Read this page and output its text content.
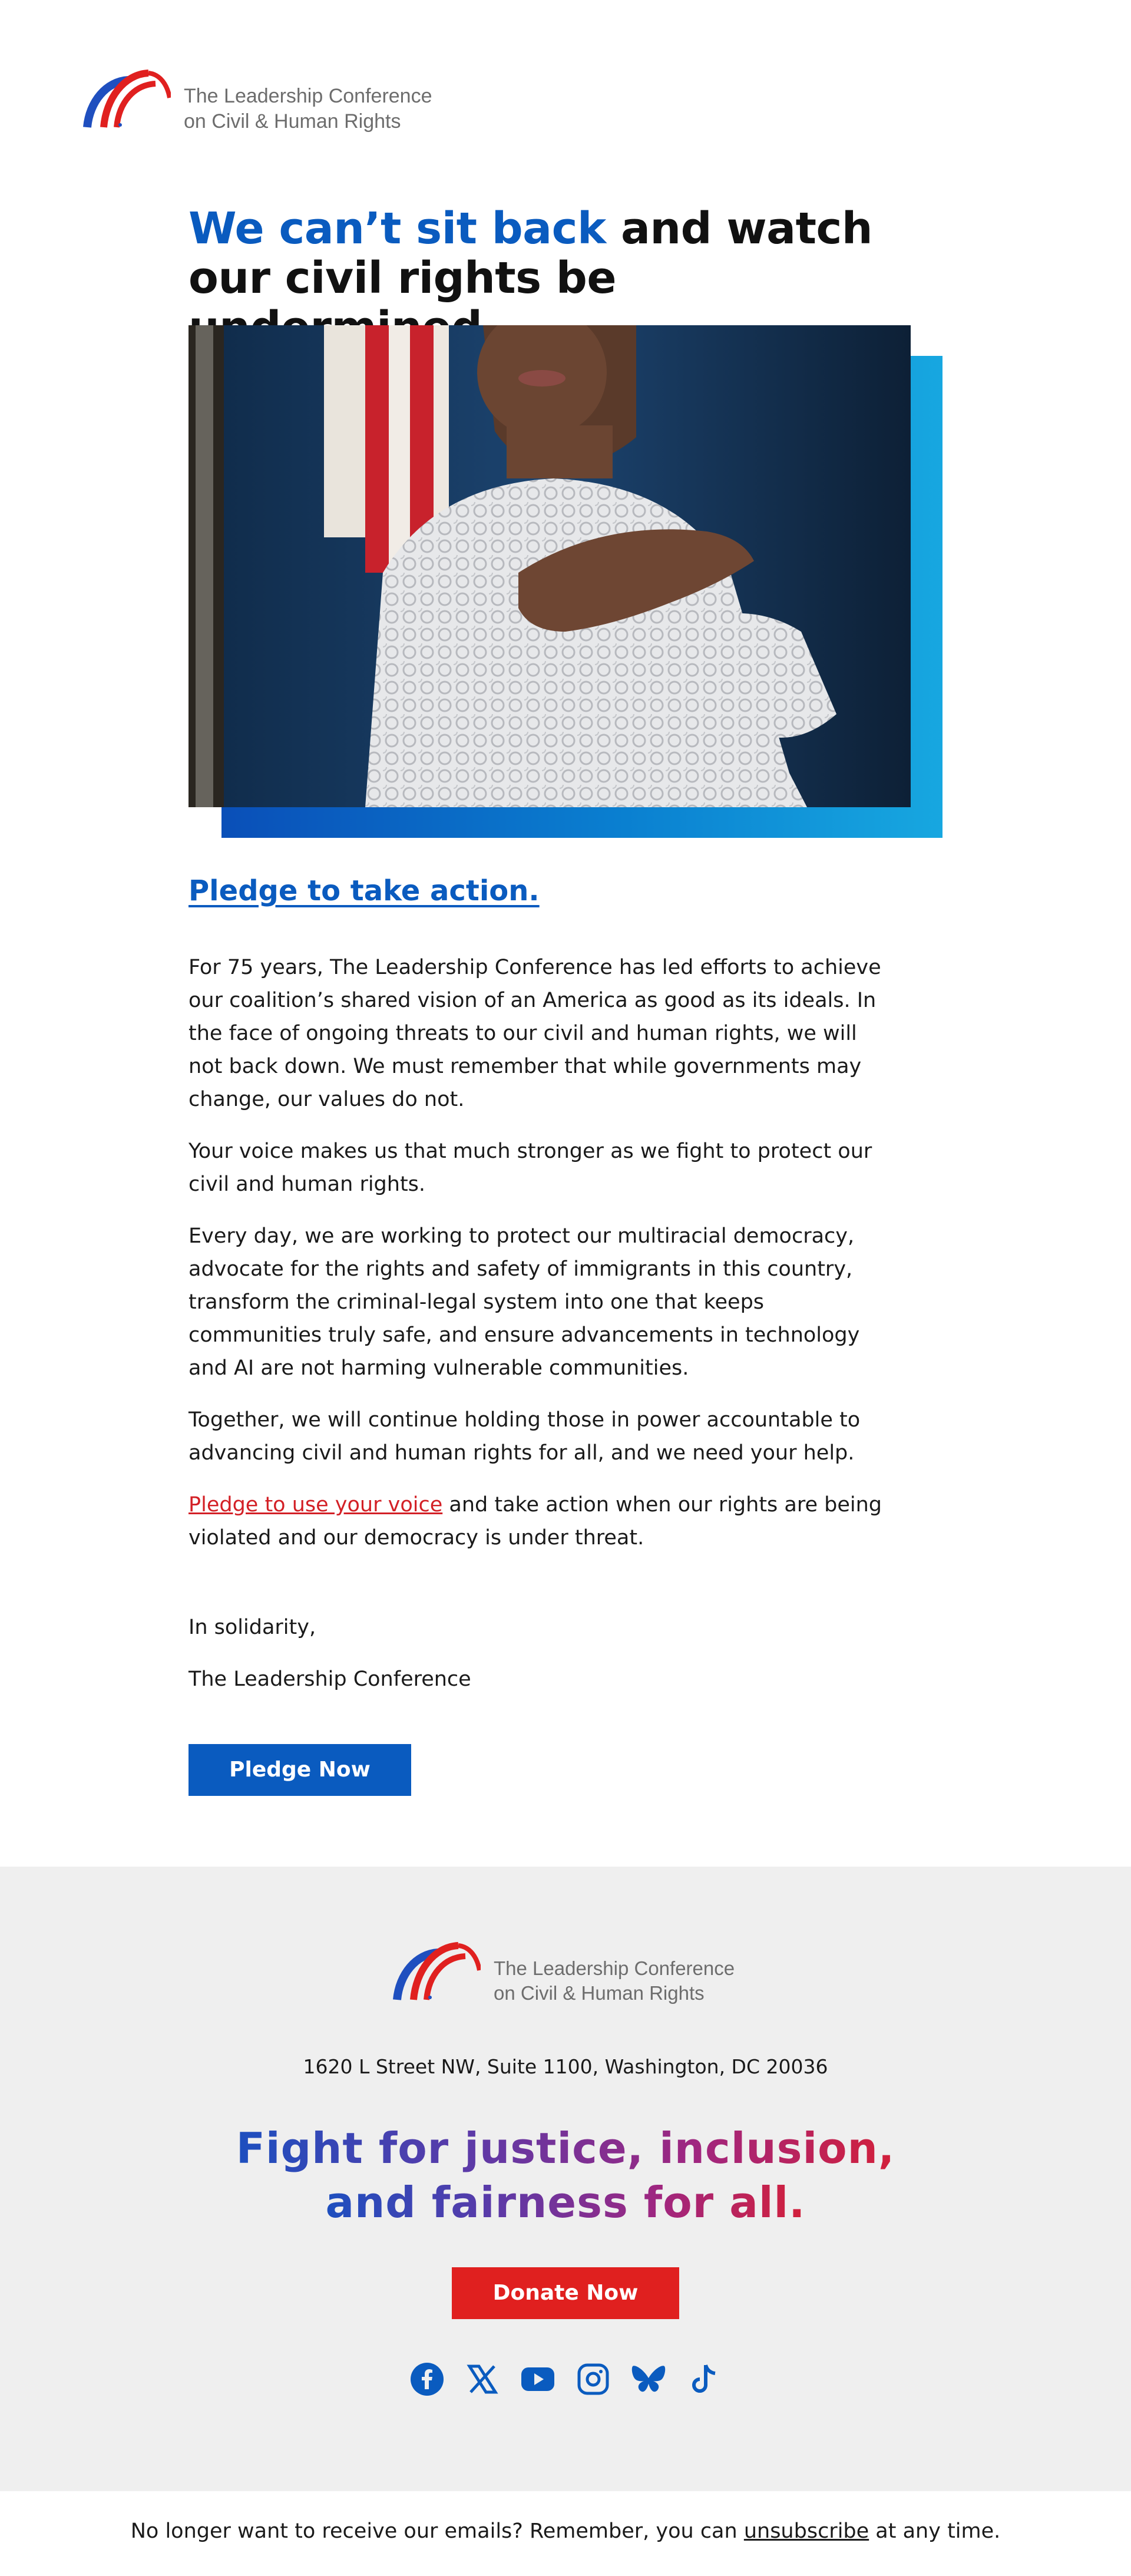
The Leadership Conference
on Civil & Human Rights
We can’t sit back and watch
our civil rights be
Pledge to take action.

For 75 years, The Leadership Conference has led efforts to achieve our coalition’s shared vision of an America as good as its ideals. In the face of ongoing threats to our civil and human rights, we will not back down. We must remember that while governments may change, our values do not.

Your voice makes us that much stronger as we fight to protect our civil and human rights.

Every day, we are working to protect our multiracial democracy, advocate for the rights and safety of immigrants in this country, transform the criminal-legal system into one that keeps communities truly safe, and ensure advancements in technology and AI are not harming vulnerable communities.

Together, we will continue holding those in power accountable to advancing civil and human rights for all, and we need your help.

Pledge to use your voice and take action when our rights are being violated and our democracy is under threat.

In solidarity,

The Leadership Conference

Pledge Now
The Leadership Conference
on Civil & Human Rights
1620 L Street NW, Suite 1100, Washington, DC 20036
Fight for justice, inclusion,
and fairness for all.
Donate Now
No longer want to receive our emails? Remember, you can unsubscribe at any time.
